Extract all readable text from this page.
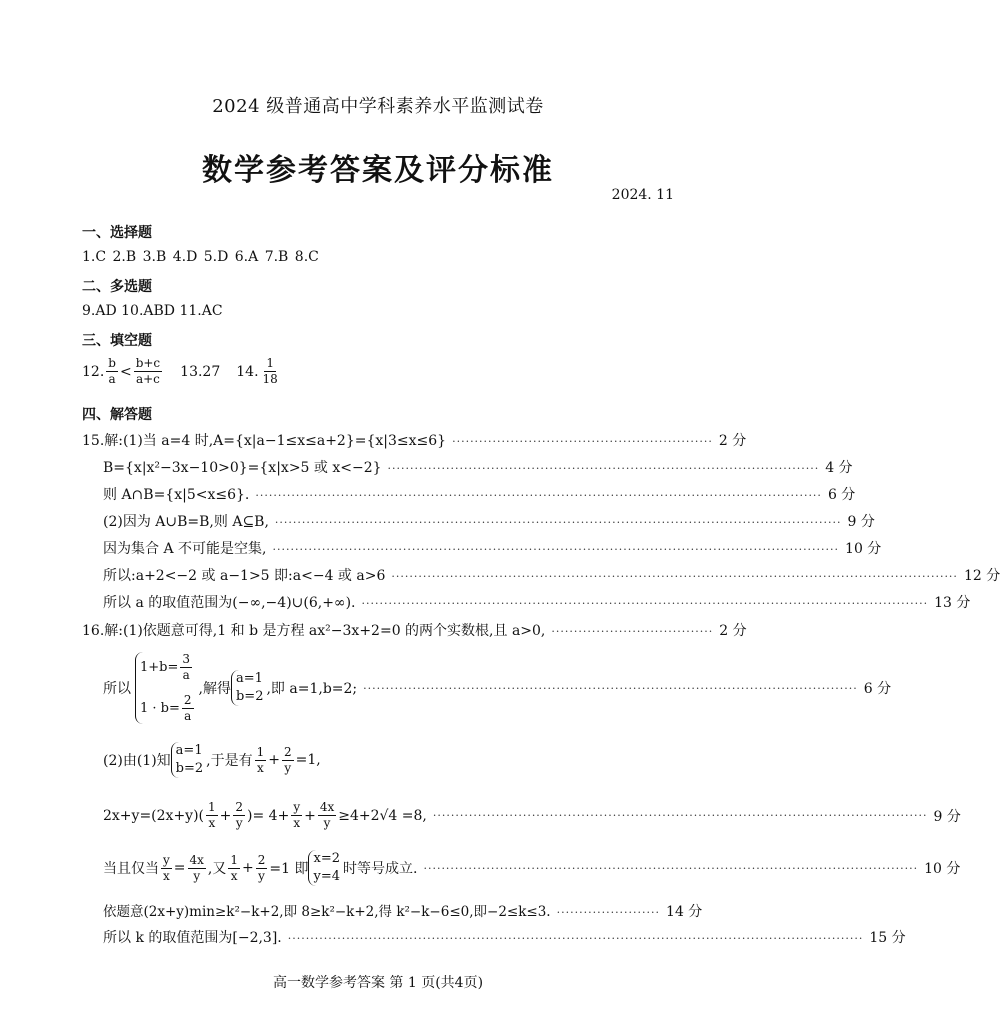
2024 级普通高中学科素养水平监测试卷
数学参考答案及评分标准
2024. 11
一、选择题
1.C 2.B 3.B 4.D 5.D 6.A 7.B 8.C
二、多选题
9.AD 10.ABD 11.AC
三、填空题
12. $\frac{b}{a} < \frac{b+c}{a+c} 13.27$ 14. $\frac{1}{18}$
四、解答题
15.解:(1)当 a=4 时,A={x|a−1≤x≤a+2}={x|3≤x≤6} ·························································· 2 分
B={x|x²−3x−10>0}={x|x>5 或 x<−2} ································································································ 4 分
则 A∩B={x|5<x≤6}. ······························································································································ 6 分
(2)因为 A∪B=B,则 A⊆B, ······························································································································ 9 分
因为集合 A 不可能是空集, ······························································································································ 10 分
所以:a+2<−2 或 a−1>5 即:a<−4 或 a>6 ······························································································································ 12 分
所以 a 的取值范围为(−∞,−4)∪(6,+∞). ······························································································································ 13 分
16.解:(1)依题意可得,1 和 b 是方程 ax²−3x+2=0 的两个实数根,且 a>0, ···································· 2 分
所以
$1+b= \frac{3}{a}$
$1 \cdot b= \frac{2}{a}$
,解得
a=1
b=2 ,即 a=1,b=2; ·············································································································· 6 分
(2)由(1)知
a=1
b=2 ,于是有 $\frac{1}{x} + \frac{2}{y} =1$,
$2x+y=(2x+y)( \frac{1}{x} + \frac{2}{y}$ )= $4+ \frac{y}{x} + \frac{4x}{y} \ge 4+2√4 =8$, ·············································································································· 9 分
当且仅当 $\frac{y}{x} = \frac{4x}{y}$ ,又 $\frac{1}{x} + \frac{2}{y} =1$ 即
x=2
y=4 时等号成立. ·············································································································· 10 分
依题意(2x+y)min≥k²−k+2,即 8≥k²−k+2,得 k²−k−6≤0,即−2≤k≤3. ······················· 14 分
所以 k 的取值范围为[−2,3]. ································································································································ 15 分
高一数学参考答案 第 1 页(共4页)
